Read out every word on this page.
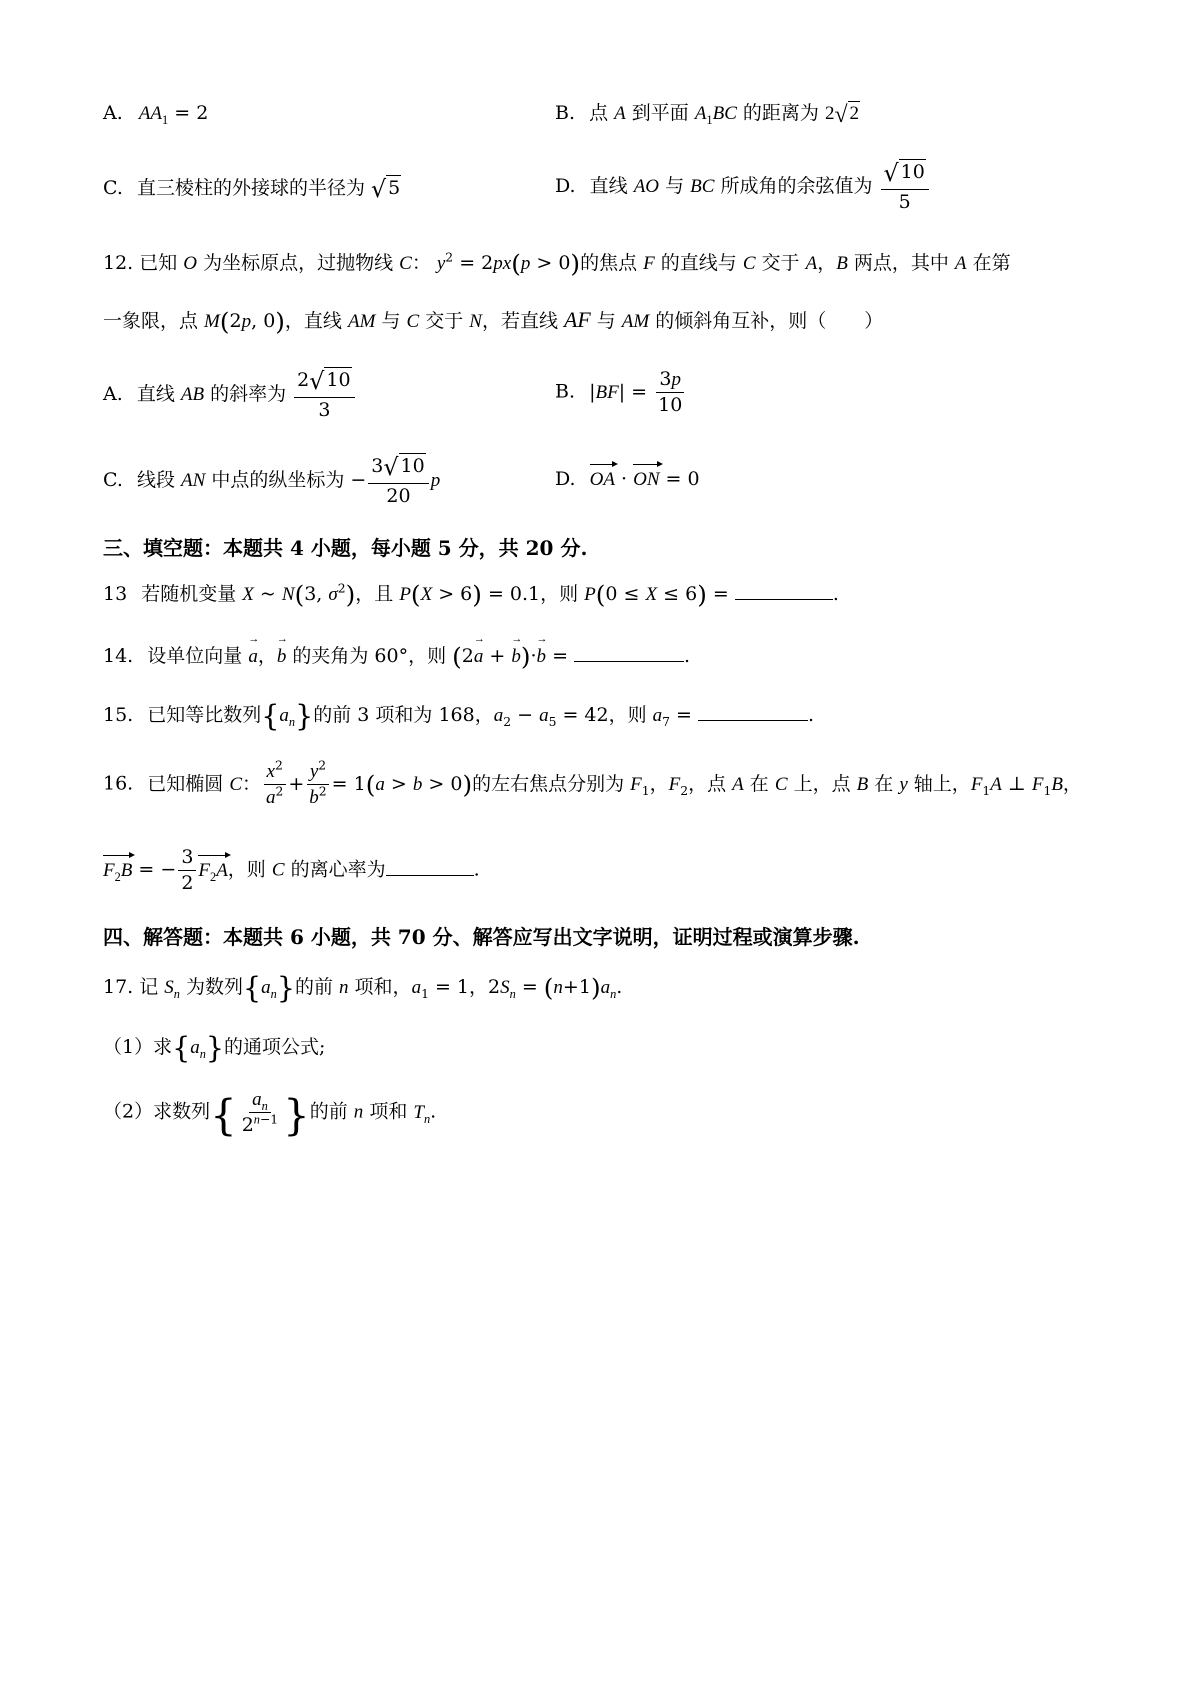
A. $AA_1 = 2$	B. 点 A 到平面 $A_1BC$ 的距离为 2√ 2
C. 直三棱柱的外接球的半径为 √ 5	D. 直线 AO 与 BC 所成角的余弦值为 $\frac{√ 10}{5}$
12. 已知 O 为坐标原点，过抛物线 C： $y^2 = 2px(p > 0)$的焦点 F 的直线与 C 交于 A，B 两点，其中 A 在第
一象限，点 M(2p, 0)，直线 AM 与 C 交于 N，若直线 AF 与 AM 的倾斜角互补，则（　　）
A. 直线 AB 的斜率为 $\frac{2√ 10}{3}$	B. $|BF| = \frac{3p}{10}$
C. 线段 AN 中点的纵坐标为 − $\frac{3√ 10}{20}$ p	D. OA · ON = 0
三、填空题：本题共 4 小题，每小题 5 分，共 20 分.
13 若随机变量 X ~ N(3, $\sigma^2$)，且 P(X > 6) = 0.1，则 P(0 ≤ X ≤ 6) =	.
14. 设单位向量 → a，→ b 的夹角为 60°，则 (2→ a + → b)·→ b =	.
15. 已知等比数列$\{a_n\}$的前 3 项和为 168，$a_2 - a_5 = 42$，则 $a_7$ =	.
16. 已知椭圆 C： $\frac{x^2}{a^2} + \frac{y^2}{b^2} = 1(a > b > 0)$的左右焦点分别为 $F_1$，$F_2$，点 A 在 C 上，点 B 在 y 轴上，$F_1A$ ⊥ $F_1B$，
$F_2B$ = − $\frac{3}{2} F_2A$，则 C 的离心率为	.
四、解答题：本题共 6 小题，共 70 分、解答应写出文字说明，证明过程或演算步骤.
17. 记 $S_n$ 为数列$\{a_n\}$的前 n 项和，$a_1 = 1$，$2S_n = (n+1)a_n$.
（1）求$\{a_n\}$的通项公式;
（2）求数列{ $\frac{a_n}{2^{n-1}}$ }的前 n 项和 $T_n$.
